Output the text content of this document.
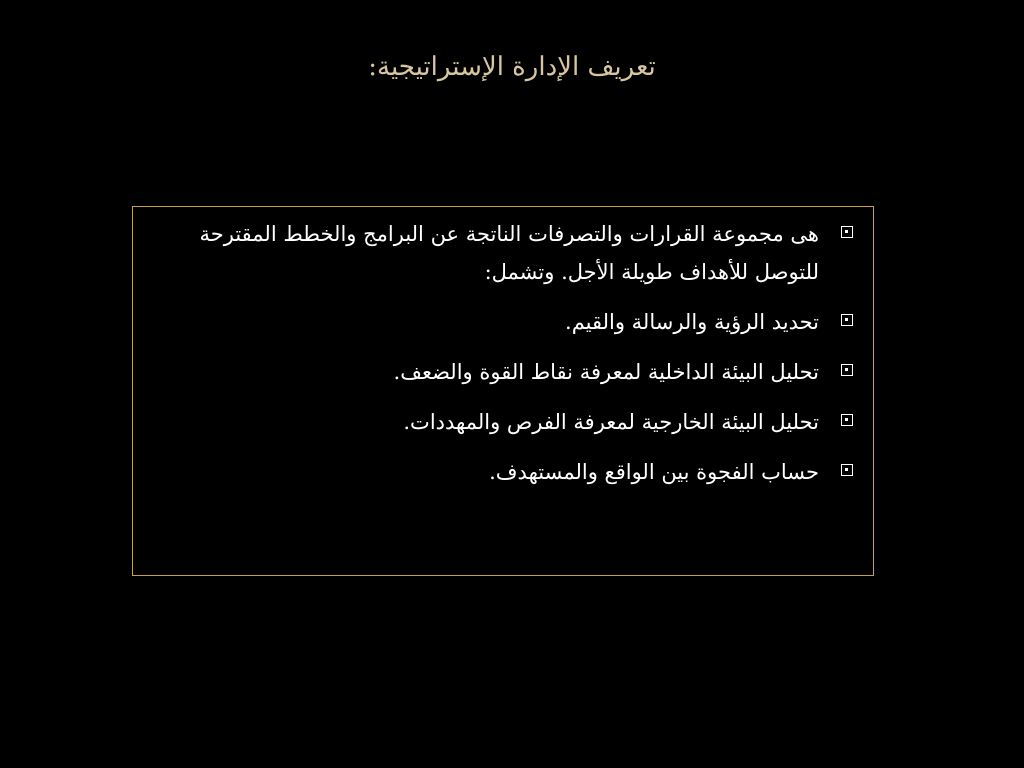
تعريف الإدارة الإستراتيجية:
هى مجموعة القرارات والتصرفات الناتجة عن البرامج والخطط المقترحة للتوصل للأهداف طويلة الأجل. وتشمل:
تحديد الرؤية والرسالة والقيم.
تحليل البيئة الداخلية لمعرفة نقاط القوة والضعف.
تحليل البيئة الخارجية لمعرفة الفرص والمهددات.
حساب الفجوة بين الواقع والمستهدف.
